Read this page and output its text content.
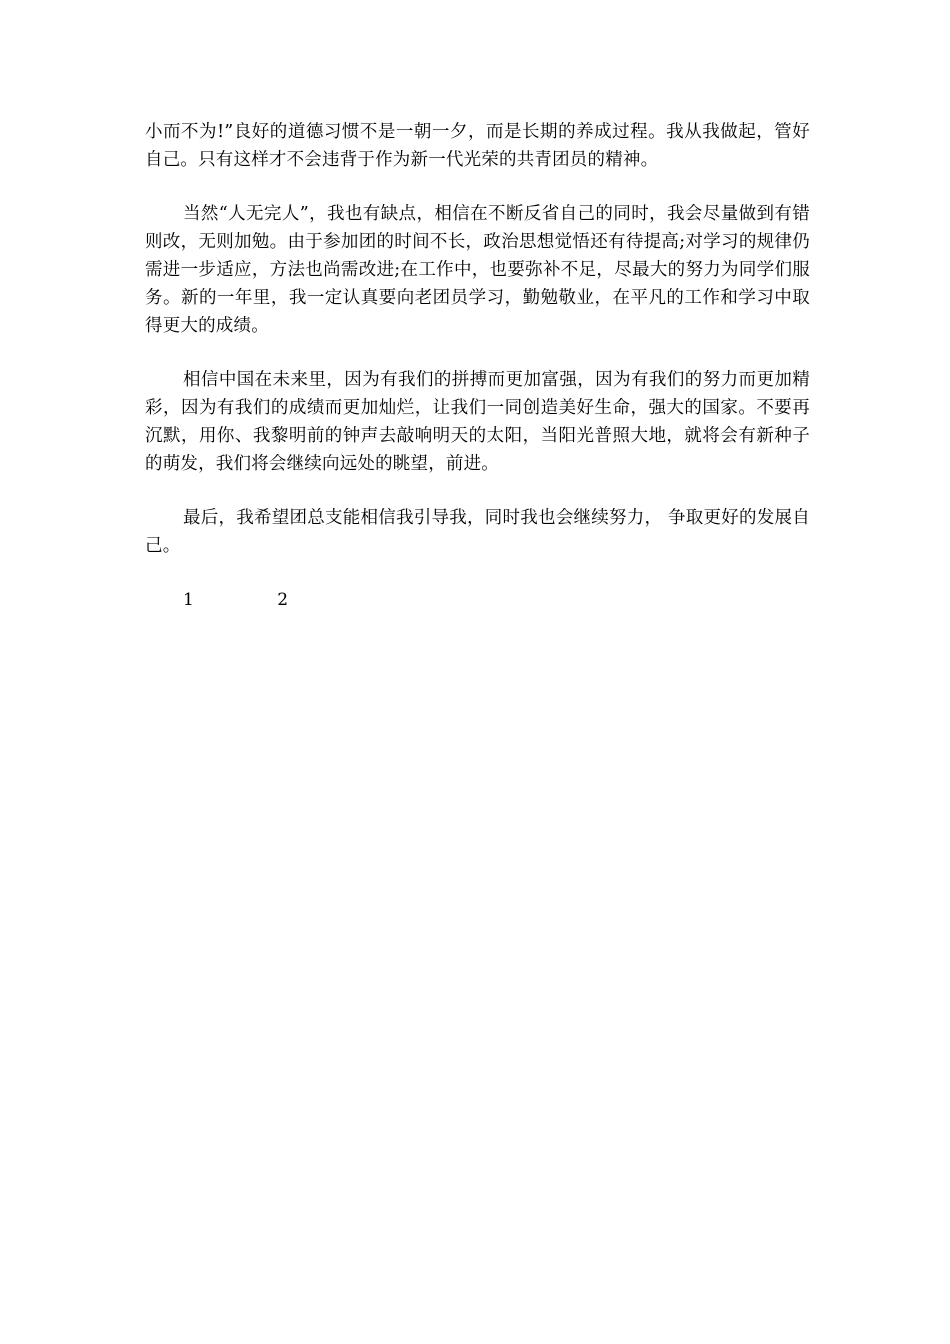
小而不为!”良好的道德习惯不是一朝一夕，而是长期的养成过程。我从我做起，管好自己。只有这样才不会违背于作为新一代光荣的共青团员的精神。

当然“人无完人”，我也有缺点，相信在不断反省自己的同时，我会尽量做到有错则改，无则加勉。由于参加团的时间不长，政治思想觉悟还有待提高;对学习的规律仍需进一步适应，方法也尚需改进;在工作中，也要弥补不足，尽最大的努力为同学们服务。新的一年里，我一定认真要向老团员学习，勤勉敬业，在平凡的工作和学习中取得更大的成绩。

相信中国在未来里，因为有我们的拼搏而更加富强，因为有我们的努力而更加精彩，因为有我们的成绩而更加灿烂，让我们一同创造美好生命，强大的国家。不要再沉默，用你、我黎明前的钟声去敲响明天的太阳，当阳光普照大地，就将会有新种子的萌发，我们将会继续向远处的眺望，前进。

最后，我希望团总支能相信我引导我，同时我也会继续努力， 争取更好的发展自己。

1	2
